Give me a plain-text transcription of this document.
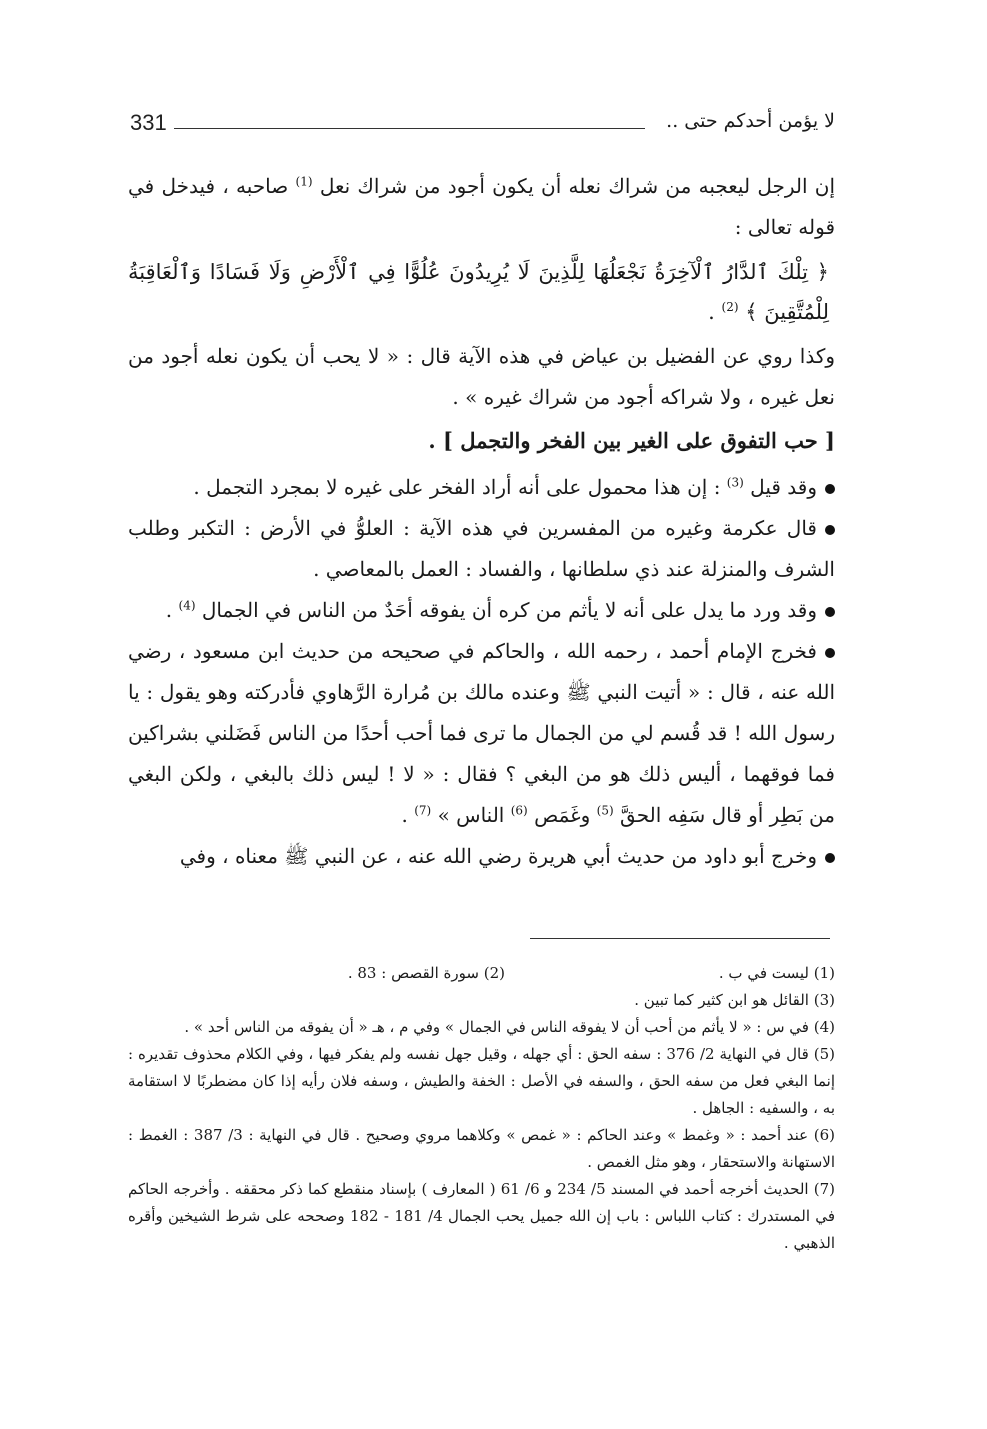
331	لا يؤمن أحدكم حتى ..

إن الرجل ليعجبه من شراك نعله أن يكون أجود من شراك نعل $^{(1)}$ صاحبه ، فيدخل في قوله تعالى :

﴿ تِلْكَ ٱلدَّارُ ٱلْآخِرَةُ نَجْعَلُهَا لِلَّذِينَ لَا يُرِيدُونَ عُلُوًّا فِي ٱلْأَرْضِ وَلَا فَسَادًا وَٱلْعَاقِبَةُ لِلْمُتَّقِينَ ﴾ $^{(2)}$ .

وكذا روي عن الفضيل بن عياض في هذه الآية قال : « لا يحب أن يكون نعله أجود من نعل غيره ، ولا شراكه أجود من شراك غيره » .

[ حب التفوق على الغير بين الفخر والتجمل ] .

وقد قيل $^{(3)}$ : إن هذا محمول على أنه أراد الفخر على غيره لا بمجرد التجمل .

قال عكرمة وغيره من المفسرين في هذه الآية : العلوُّ في الأرض : التكبر وطلب الشرف والمنزلة عند ذي سلطانها ، والفساد : العمل بالمعاصي .

وقد ورد ما يدل على أنه لا يأثم من كره أن يفوقه أحَدٌ من الناس في الجمال $^{(4)}$ .

فخرج الإمام أحمد ، رحمه الله ، والحاكم في صحيحه من حديث ابن مسعود ، رضي الله عنه ، قال : « أتيت النبي ﷺ وعنده مالك بن مُرارة الرَّهاوي فأدركته وهو يقول : يا رسول الله ! قد قُسم لي من الجمال ما ترى فما أحب أحدًا من الناس فَضَلني بشراكين فما فوقهما ، أليس ذلك هو من البغي ؟ فقال : « لا ! ليس ذلك بالبغي ، ولكن البغي من بَطِر أو قال سَفِه الحقَّ $^{(5)}$ وغَمَص $^{(6)}$ الناس » $^{(7)}$ .

وخرج أبو داود من حديث أبي هريرة رضي الله عنه ، عن النبي ﷺ معناه ، وفي

(1) ليست في ب .
(2) سورة القصص : 83 .

(3) القائل هو ابن كثير كما تبين .

(4) في س : « لا يأثم من أحب أن لا يفوقه الناس في الجمال » وفي م ، هـ « أن يفوقه من الناس أحد » .

(5) قال في النهاية 2/ 376 : سفه الحق : أي جهله ، وقيل جهل نفسه ولم يفكر فيها ، وفي الكلام محذوف تقديره : إنما البغي فعل من سفه الحق ، والسفه في الأصل : الخفة والطيش ، وسفه فلان رأيه إذا كان مضطربًا لا استقامة به ، والسفيه : الجاهل .

(6) عند أحمد : « وغمط » وعند الحاكم : « غمص » وكلاهما مروي وصحيح . قال في النهاية : 3/ 387 : الغمط : الاستهانة والاستحقار ، وهو مثل الغمص .

(7) الحديث أخرجه أحمد في المسند 5/ 234 و 6/ 61 ( المعارف ) بإسناد منقطع كما ذكر محققه . وأخرجه الحاكم في المستدرك : كتاب اللباس : باب إن الله جميل يحب الجمال 4/ 181 - 182 وصححه على شرط الشيخين وأقره الذهبي .
